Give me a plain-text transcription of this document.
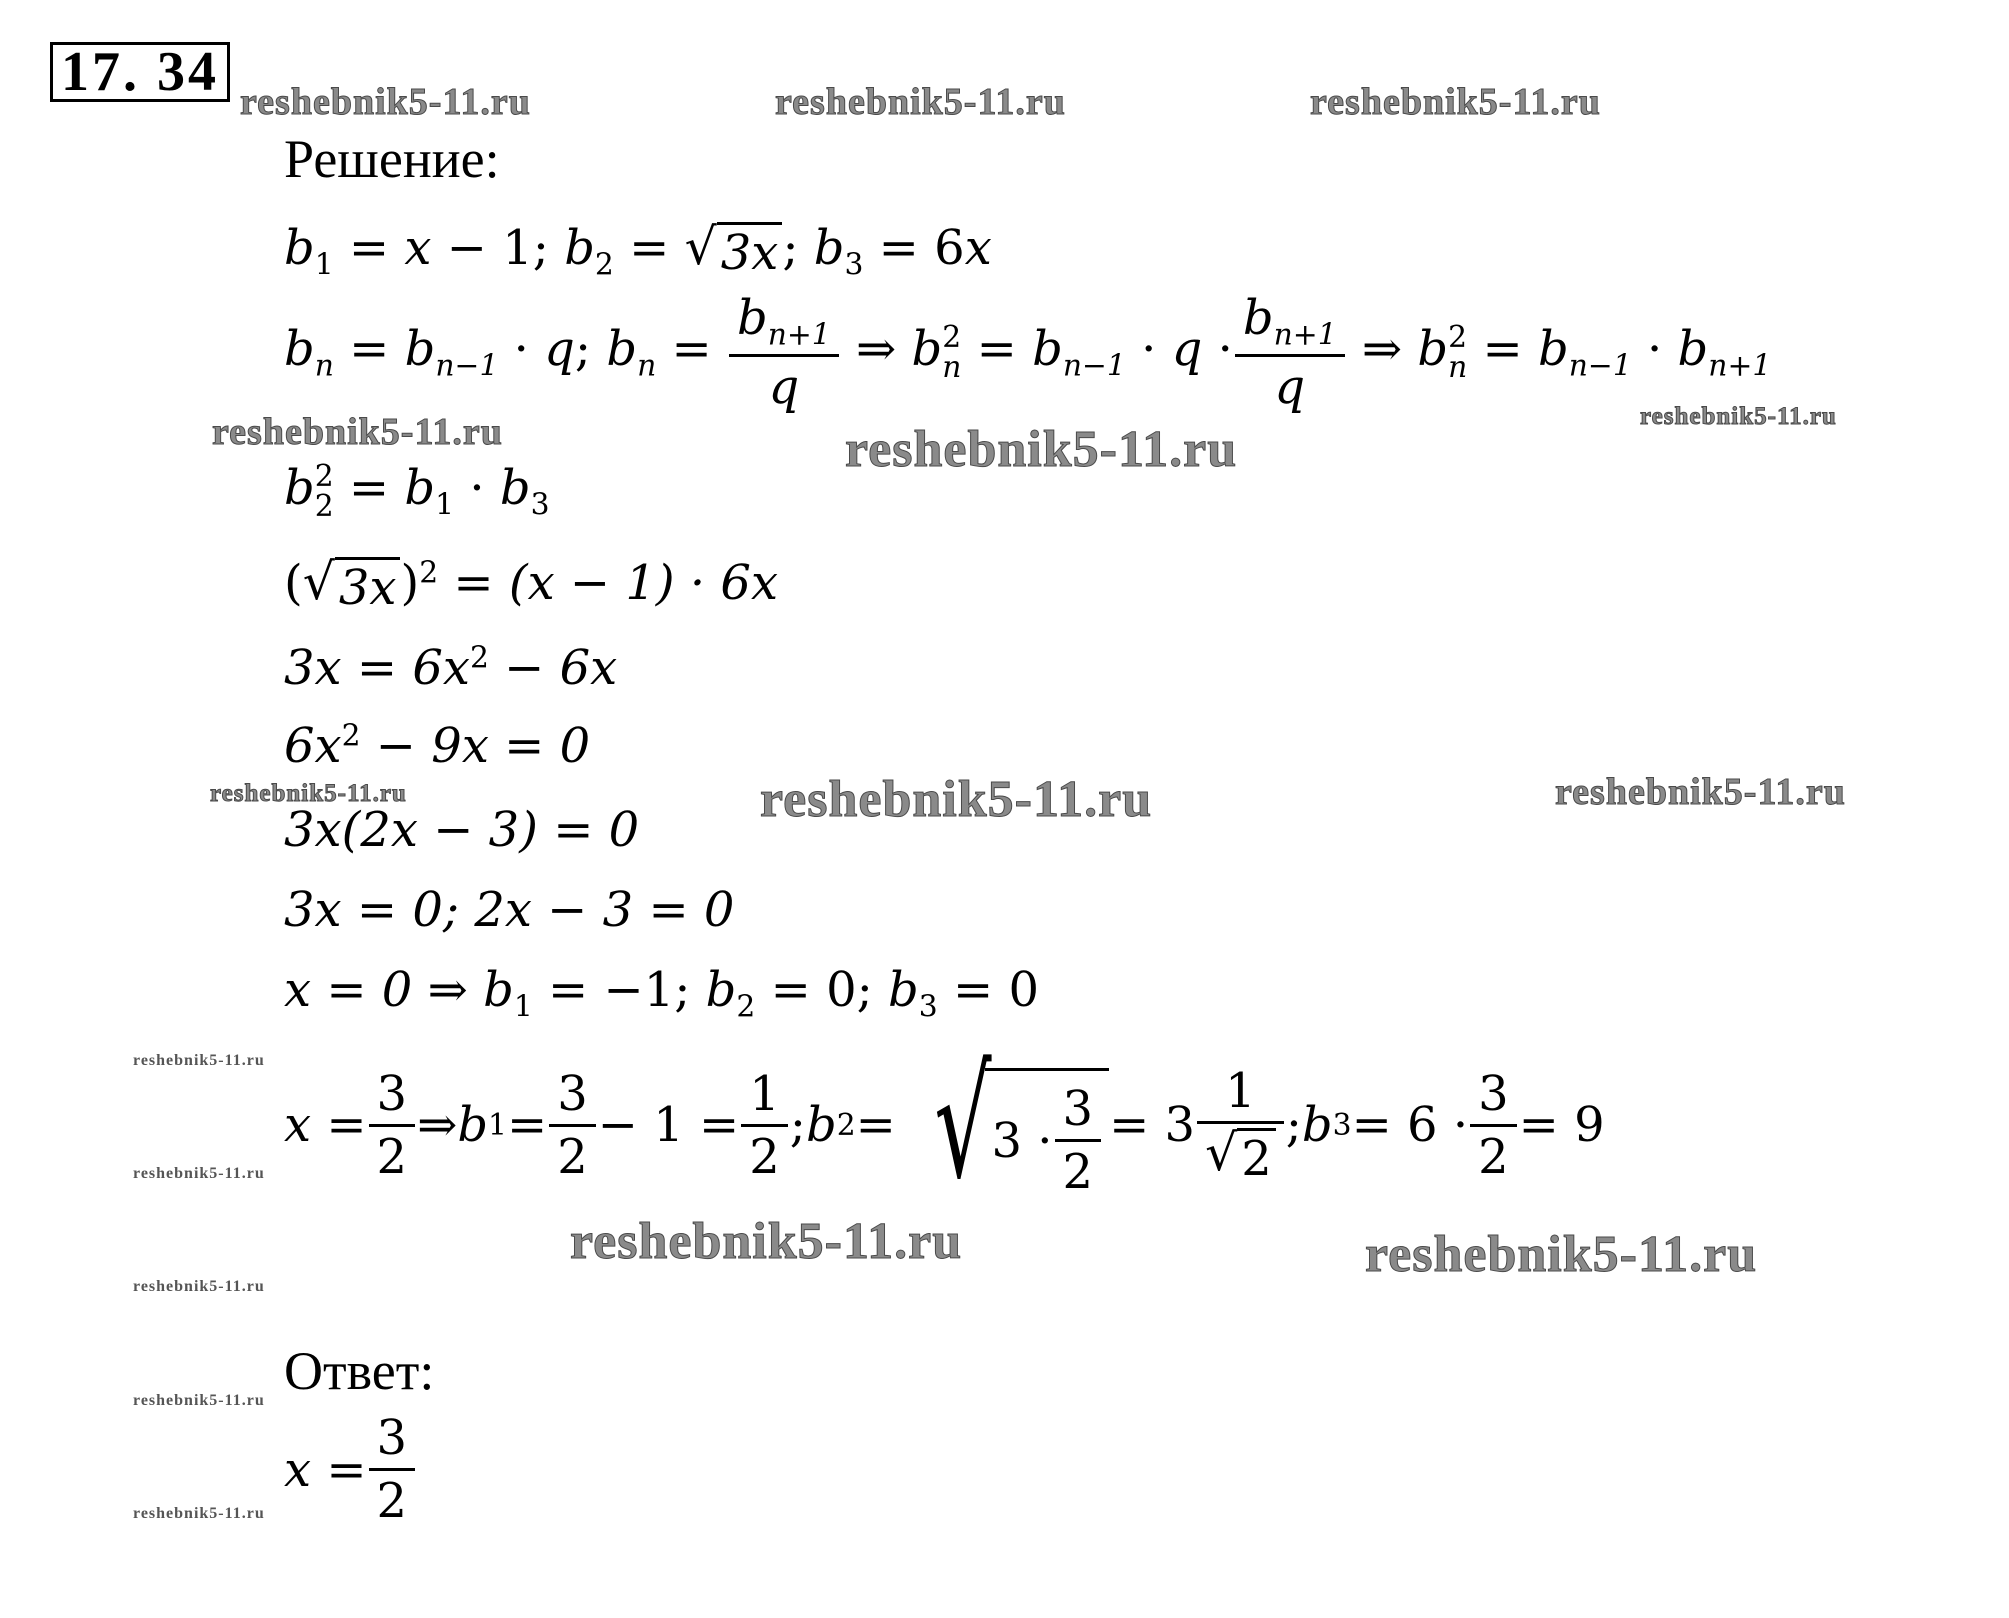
17. 34 reshebnik5-11.ru	reshebnik5-11.ru	reshebnik5-11.ru
reshebnik5-11.ru	reshebnik5-11.ru
reshebnik5-11.ru
reshebnik5-11.ru	reshebnik5-11.ru	reshebnik5-11.ru
reshebnik5-11.ru	reshebnik5-11.ru
reshebnik5-11.ru
reshebnik5-11.ru
reshebnik5-11.ru
reshebnik5-11.ru
reshebnik5-11.ru
Решение:
$b_1 = x - 1$; $b_2$ = √ 3x ; $b_3 = 6x$
$b_n = b_{n-1} \cdot q$; $b_n = \frac{b_{n+1}}{q}$ ⇒ b 2
$n = b_{n-1} \cdot q \cdot \frac{b_{n+1}}{q}$ ⇒ b 2
$n = b_{n-1} \cdot b_{n+1}$
b 2
$2 = b_1 \cdot b_3$
( √ 3x )$^2$ = (x − 1) · 6x
$3x = 6x^2 - 6x$
$6x^2 - 9x = 0$
3x(2x − 3) = 0
3x = 0; 2x − 3 = 0
x = 0 ⇒ $b_1 = -1$; $b_2 = 0$; $b_3 = 0$
$x = \frac{3}{2}$ ⇒ b $1 = \frac{3}{2} - 1 = \frac{1}{2}$ ; b 2 = √ $3 \cdot \frac{3}{2} = 3 \frac{1}{√ 2}$ ; b $3 = 6 \cdot \frac{3}{2} = 9$
Ответ:
$x = \frac{3}{2}$
